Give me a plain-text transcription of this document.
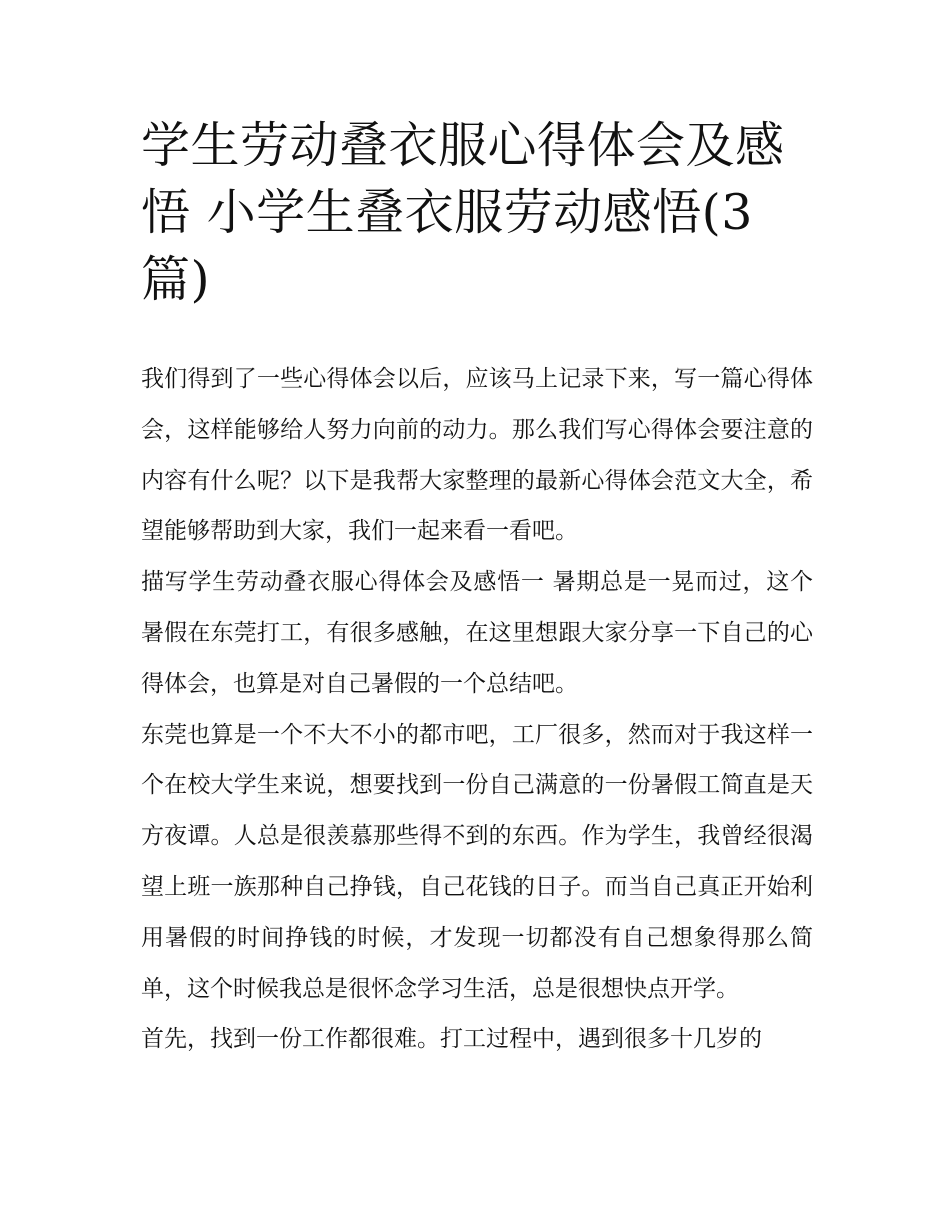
学生劳动叠衣服心得体会及感悟 小学生叠衣服劳动感悟(3篇)

我们得到了一些心得体会以后，应该马上记录下来，写一篇心得体会，这样能够给人努力向前的动力。那么我们写心得体会要注意的内容有什么呢？以下是我帮大家整理的最新心得体会范文大全，希望能够帮助到大家，我们一起来看一看吧。

描写学生劳动叠衣服心得体会及感悟一 暑期总是一晃而过，这个暑假在东莞打工，有很多感触，在这里想跟大家分享一下自己的心得体会，也算是对自己暑假的一个总结吧。

东莞也算是一个不大不小的都市吧，工厂很多，然而对于我这样一个在校大学生来说，想要找到一份自己满意的一份暑假工简直是天方夜谭。人总是很羡慕那些得不到的东西。作为学生，我曾经很渴望上班一族那种自己挣钱，自己花钱的日子。而当自己真正开始利用暑假的时间挣钱的时候，才发现一切都没有自己想象得那么简单，这个时候我总是很怀念学习生活，总是很想快点开学。

首先，找到一份工作都很难。打工过程中，遇到很多十几岁的
